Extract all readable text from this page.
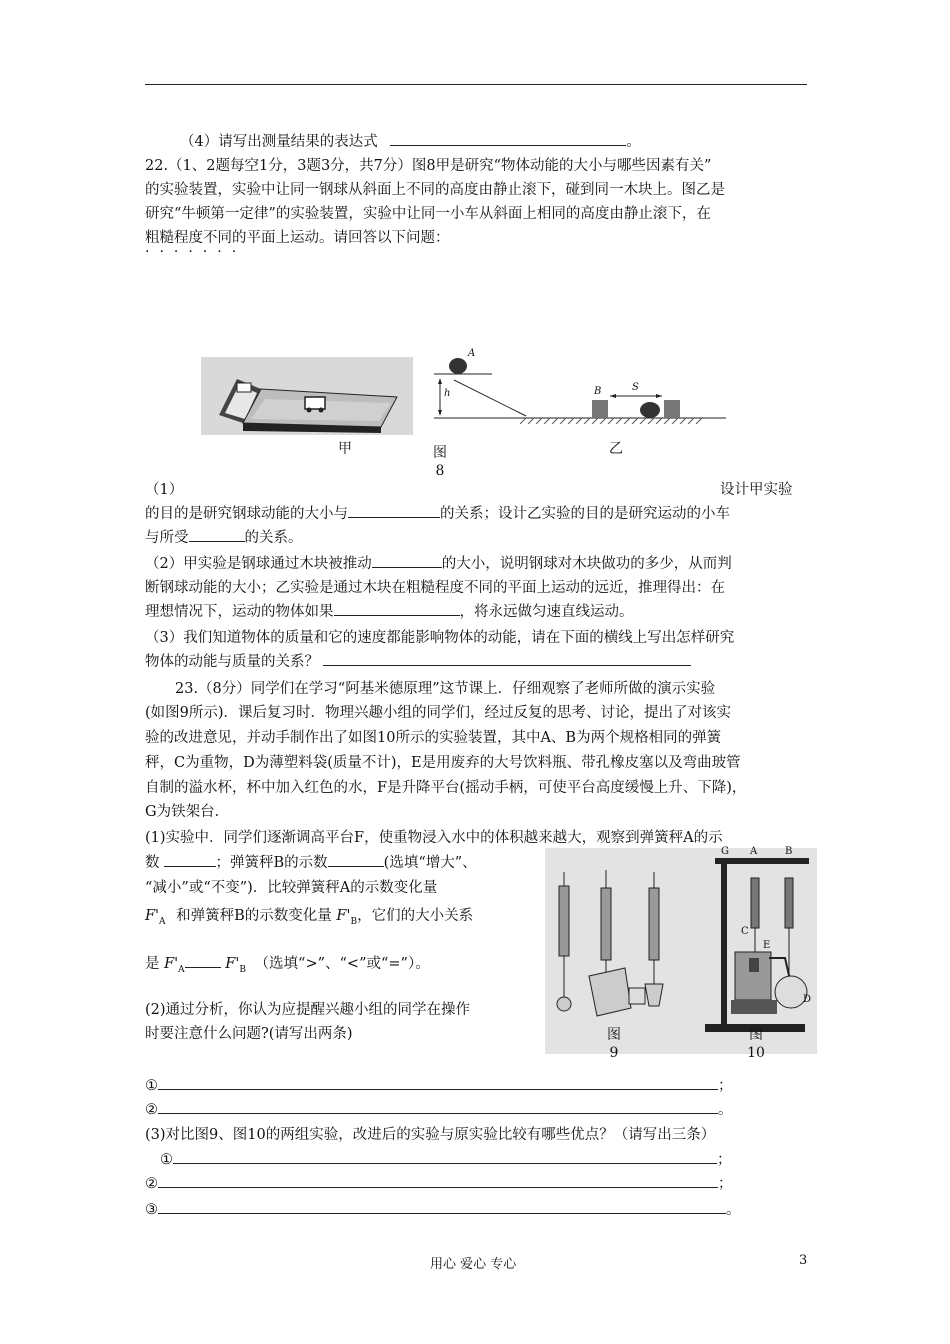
（4）请写出测量结果的表达式	。
22.（1、2题每空1分，3题3分，共7分）图8甲是研究“物体动能的大小与哪些因素有关”
的实验装置，实验中让同一钢球从斜面上不同的高度由静止滚下，碰到同一木块上。图乙是
研究“牛顿第一定律”的实验装置，实验中让同一小车从斜面上相同的高度由静止滚下，在
粗糙程度不同的平面上运动。请回答以下问题：
·······
甲
A
h	B	S
图
8
乙
（1）	设计甲实验
的目的是研究钢球动能的大小与	的关系；设计乙实验的目的是研究运动的小车
与所受	的关系。
（2）甲实验是钢球通过木块被推动	的大小，说明钢球对木块做功的多少，从而判
断钢球动能的大小；乙实验是通过木块在粗糙程度不同的平面上运动的远近，推理得出：在
理想情况下，运动的物体如果	，将永远做匀速直线运动。
（3）我们知道物体的质量和它的速度都能影响物体的动能，请在下面的横线上写出怎样研究
物体的动能与质量的关系？
23.（8分）同学们在学习“阿基米德原理”这节课上．仔细观察了老师所做的演示实验
(如图9所示)．课后复习时．物理兴趣小组的同学们，经过反复的思考、讨论，提出了对该实
验的改进意见，并动手制作出了如图10所示的实验装置，其中A、B为两个规格相同的弹簧
秤，C为重物，D为薄塑料袋(质量不计)，E是用废弃的大号饮料瓶、带孔橡皮塞以及弯曲玻管
自制的溢水杯，杯中加入红色的水，F是升降平台(摇动手柄，可使平台高度缓慢上升、下降)，
G为铁架台．
(1)实验中．同学们逐渐调高平台F，使重物浸入水中的体积越来越大，观察到弹簧秤A的示
数	；弹簧秤B的示数	(选填“增大”、
“减小”或“不变”)．比较弹簧秤A的示数变化量
$F'_A$ 和弹簧秤B的示数变化量 $F'_B$，它们的大小关系
是 $F'_A$	$F'_B$ （选填“>”、“<”或“=”）。
(2)通过分析，你认为应提醒兴趣小组的同学在操作
时要注意什么问题?(请写出两条)
G A	B
C
E
D
图
9
图
10
①	；
②	。
(3)对比图9、图10的两组实验，改进后的实验与原实验比较有哪些优点？（请写出三条）
①	；
②	；
③	。
用心 爱心 专心	3
